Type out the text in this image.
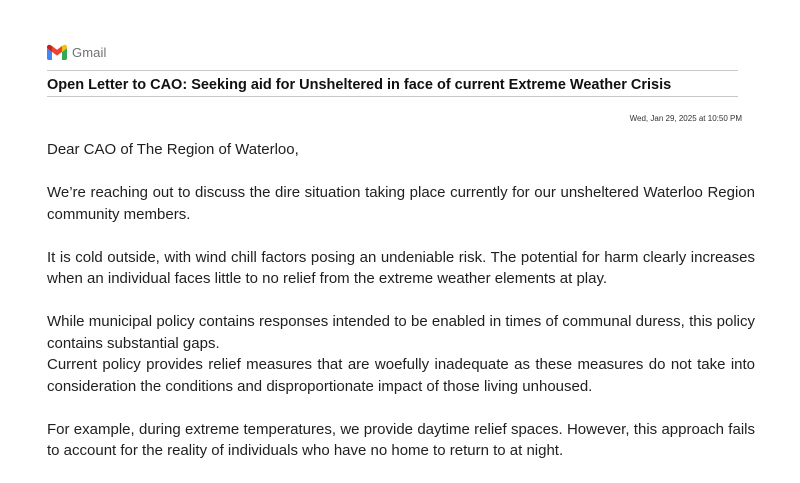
Gmail
Open Letter to CAO: Seeking aid for Unsheltered in face of current Extreme Weather Crisis
Wed, Jan 29, 2025 at 10:50 PM

Dear CAO of The Region of Waterloo,

We’re reaching out to discuss the dire situation taking place currently for our unsheltered Waterloo Region community members.

It is cold outside, with wind chill factors posing an undeniable risk. The potential for harm clearly increases when an individual faces little to no relief from the extreme weather elements at play.

While municipal policy contains responses intended to be enabled in times of communal duress, this policy contains substantial gaps.

Current policy provides relief measures that are woefully inadequate as these measures do not take into consideration the conditions and disproportionate impact of those living unhoused.

For example, during extreme temperatures, we provide daytime relief spaces. However, this approach fails to account for the reality of individuals who have no home to return to at night.
